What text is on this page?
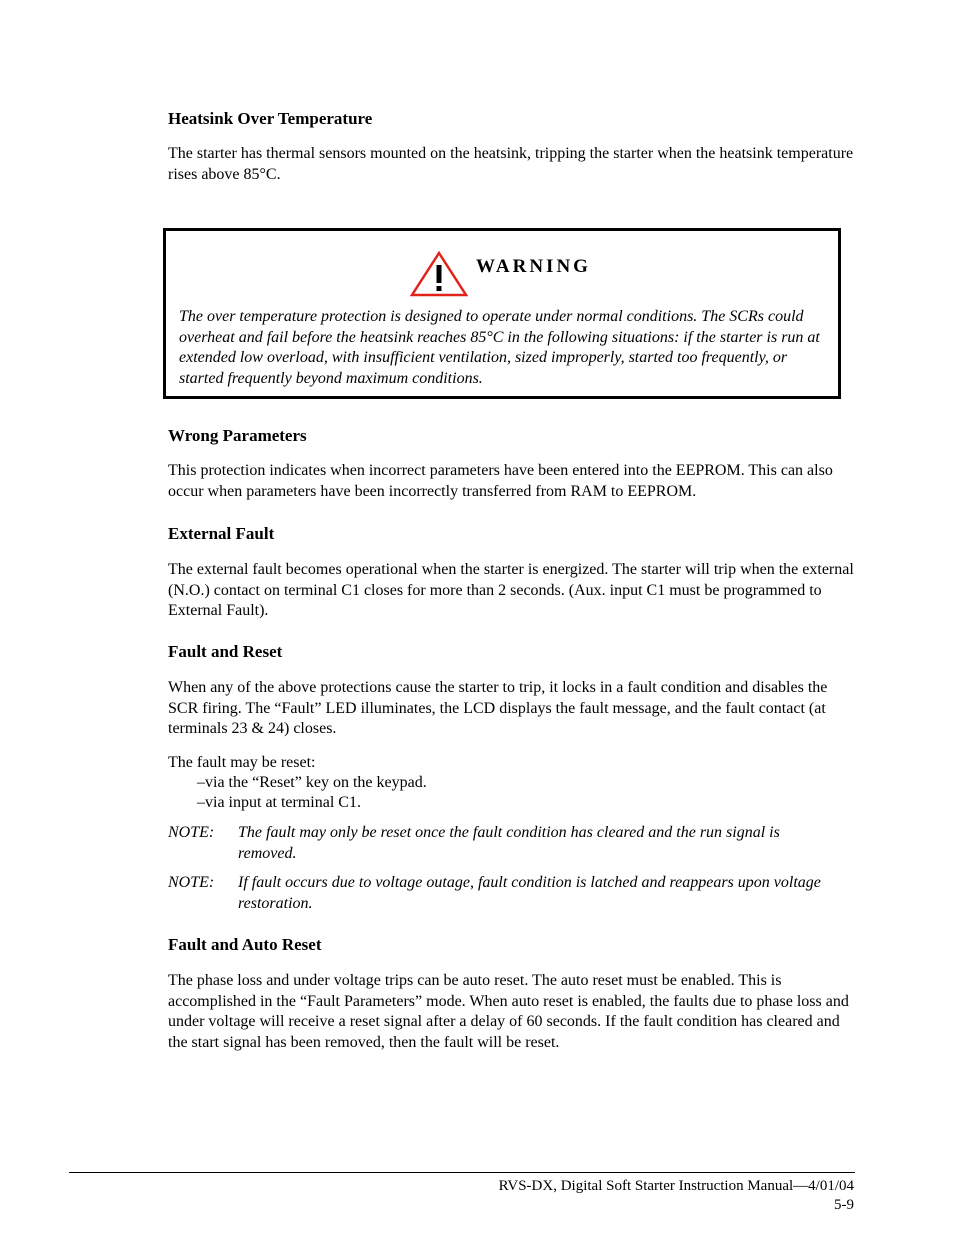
Heatsink Over Temperature

The starter has thermal sensors mounted on the heatsink, tripping the starter when the heatsink temperature rises above 85°C.

WARNING

The over temperature protection is designed to operate under normal conditions. The SCRs could overheat and fail before the heatsink reaches 85°C in the following situations: if the starter is run at extended low overload, with insufficient ventilation, sized improperly, started too frequently, or started frequently beyond maximum conditions.

Wrong Parameters

This protection indicates when incorrect parameters have been entered into the EEPROM. This can also occur when parameters have been incorrectly transferred from RAM to EEPROM.

External Fault

The external fault becomes operational when the starter is energized. The starter will trip when the external (N.O.) contact on terminal C1 closes for more than 2 seconds. (Aux. input C1 must be programmed to External Fault).

Fault and Reset

When any of the above protections cause the starter to trip, it locks in a fault condition and disables the SCR firing. The “Fault” LED illuminates, the LCD displays the fault message, and the fault contact (at terminals 23 & 24) closes.

The fault may be reset:
–via the “Reset” key on the keypad.
–via input at terminal C1.
NOTE: The fault may only be reset once the fault condition has cleared and the run signal is removed.

NOTE: If fault occurs due to voltage outage, fault condition is latched and reappears upon voltage restoration.

Fault and Auto Reset

The phase loss and under voltage trips can be auto reset. The auto reset must be enabled. This is accomplished in the “Fault Parameters” mode. When auto reset is enabled, the faults due to phase loss and under voltage will receive a reset signal after a delay of 60 seconds. If the fault condition has cleared and the start signal has been removed, then the fault will be reset.

RVS-DX, Digital Soft Starter Instruction Manual—4/01/04
5-9
